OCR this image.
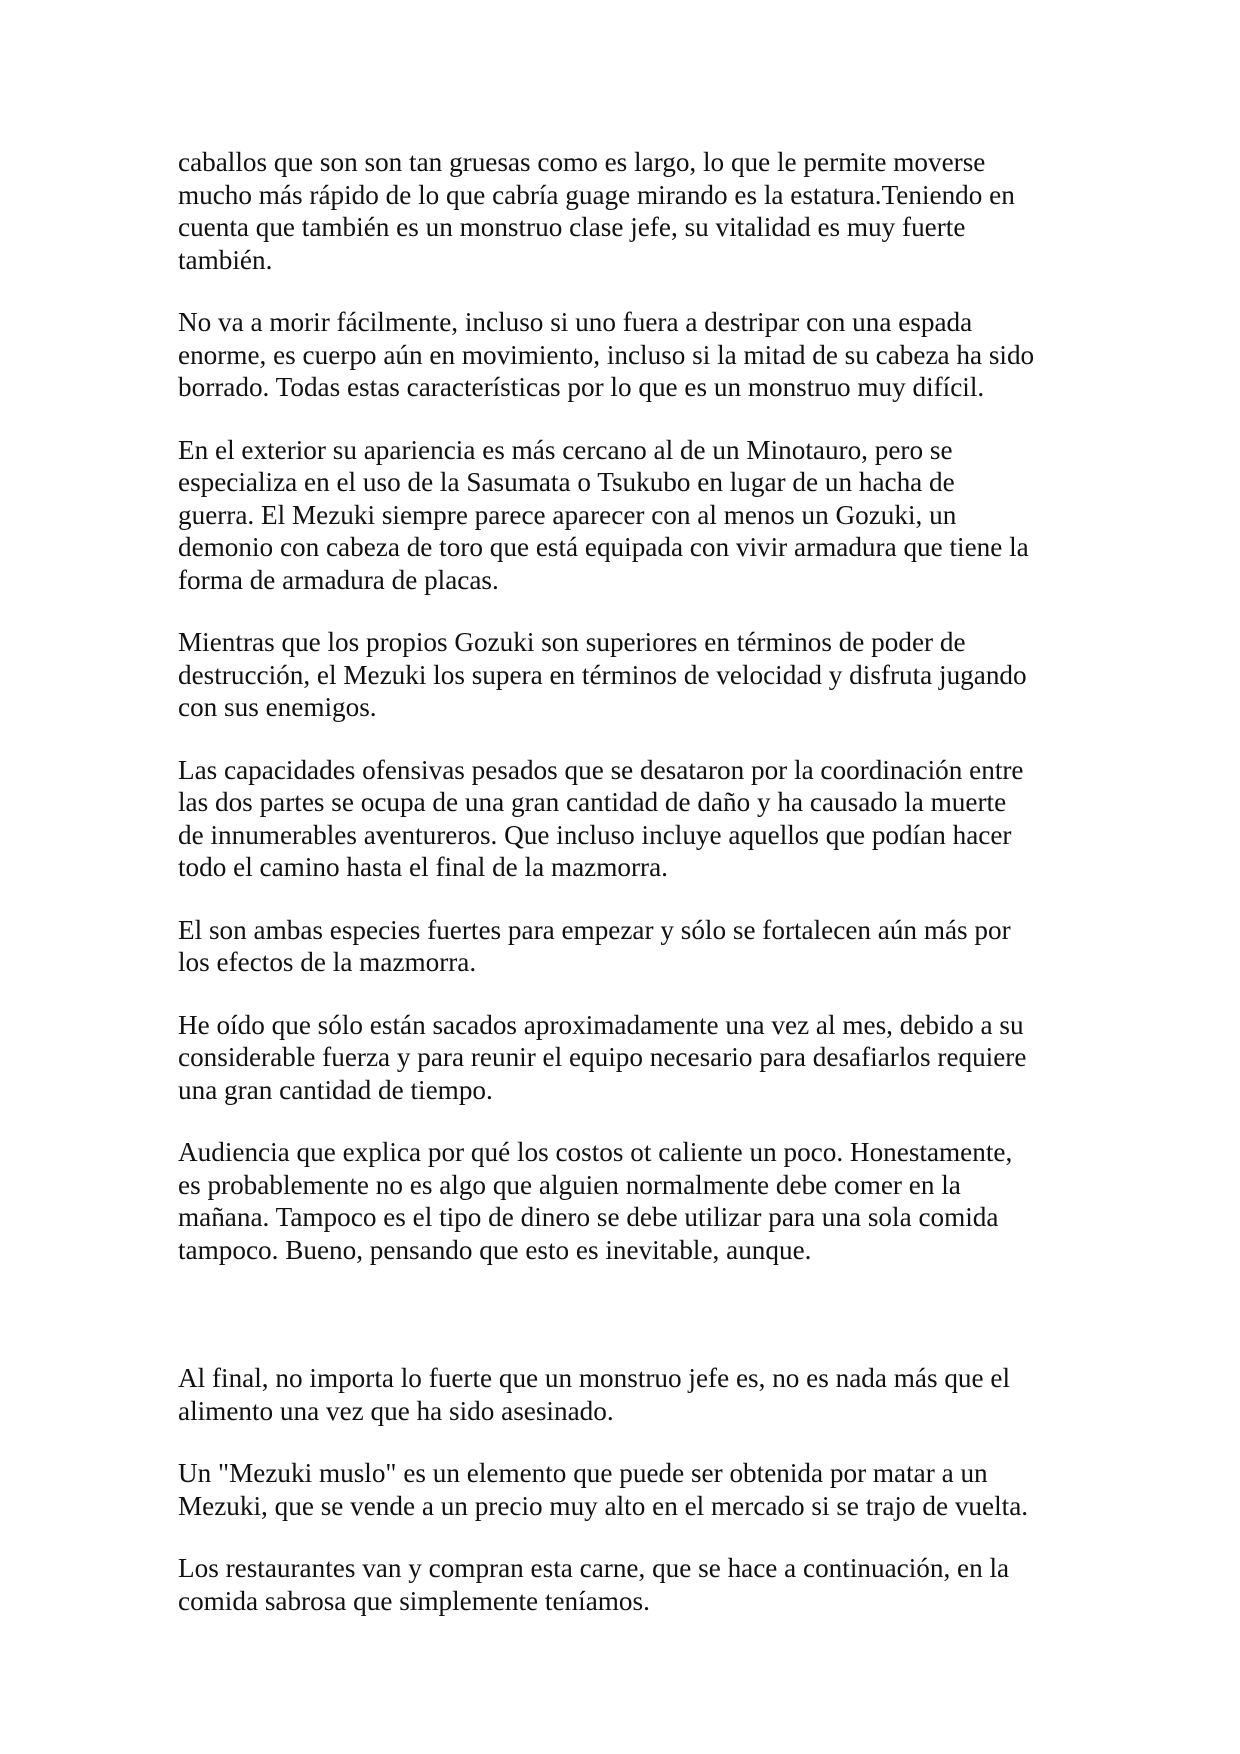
caballos que son son tan gruesas como es largo, lo que le permite moverse
mucho más rápido de lo que cabría guage mirando es la estatura.Teniendo en
cuenta que también es un monstruo clase jefe, su vitalidad es muy fuerte
también.

No va a morir fácilmente, incluso si uno fuera a destripar con una espada
enorme, es cuerpo aún en movimiento, incluso si la mitad de su cabeza ha sido
borrado. Todas estas características por lo que es un monstruo muy difícil.

En el exterior su apariencia es más cercano al de un Minotauro, pero se
especializa en el uso de la Sasumata o Tsukubo en lugar de un hacha de
guerra. El Mezuki siempre parece aparecer con al menos un Gozuki, un
demonio con cabeza de toro que está equipada con vivir armadura que tiene la
forma de armadura de placas.

Mientras que los propios Gozuki son superiores en términos de poder de
destrucción, el Mezuki los supera en términos de velocidad y disfruta jugando
con sus enemigos.

Las capacidades ofensivas pesados que se desataron por la coordinación entre
las dos partes se ocupa de una gran cantidad de daño y ha causado la muerte
de innumerables aventureros. Que incluso incluye aquellos que podían hacer
todo el camino hasta el final de la mazmorra.

El son ambas especies fuertes para empezar y sólo se fortalecen aún más por
los efectos de la mazmorra.

He oído que sólo están sacados aproximadamente una vez al mes, debido a su
considerable fuerza y para reunir el equipo necesario para desafiarlos requiere
una gran cantidad de tiempo.

Audiencia que explica por qué los costos ot caliente un poco. Honestamente,
es probablemente no es algo que alguien normalmente debe comer en la
mañana. Tampoco es el tipo de dinero se debe utilizar para una sola comida
tampoco. Bueno, pensando que esto es inevitable, aunque.

Al final, no importa lo fuerte que un monstruo jefe es, no es nada más que el
alimento una vez que ha sido asesinado.

Un "Mezuki muslo" es un elemento que puede ser obtenida por matar a un
Mezuki, que se vende a un precio muy alto en el mercado si se trajo de vuelta.

Los restaurantes van y compran esta carne, que se hace a continuación, en la
comida sabrosa que simplemente teníamos.
